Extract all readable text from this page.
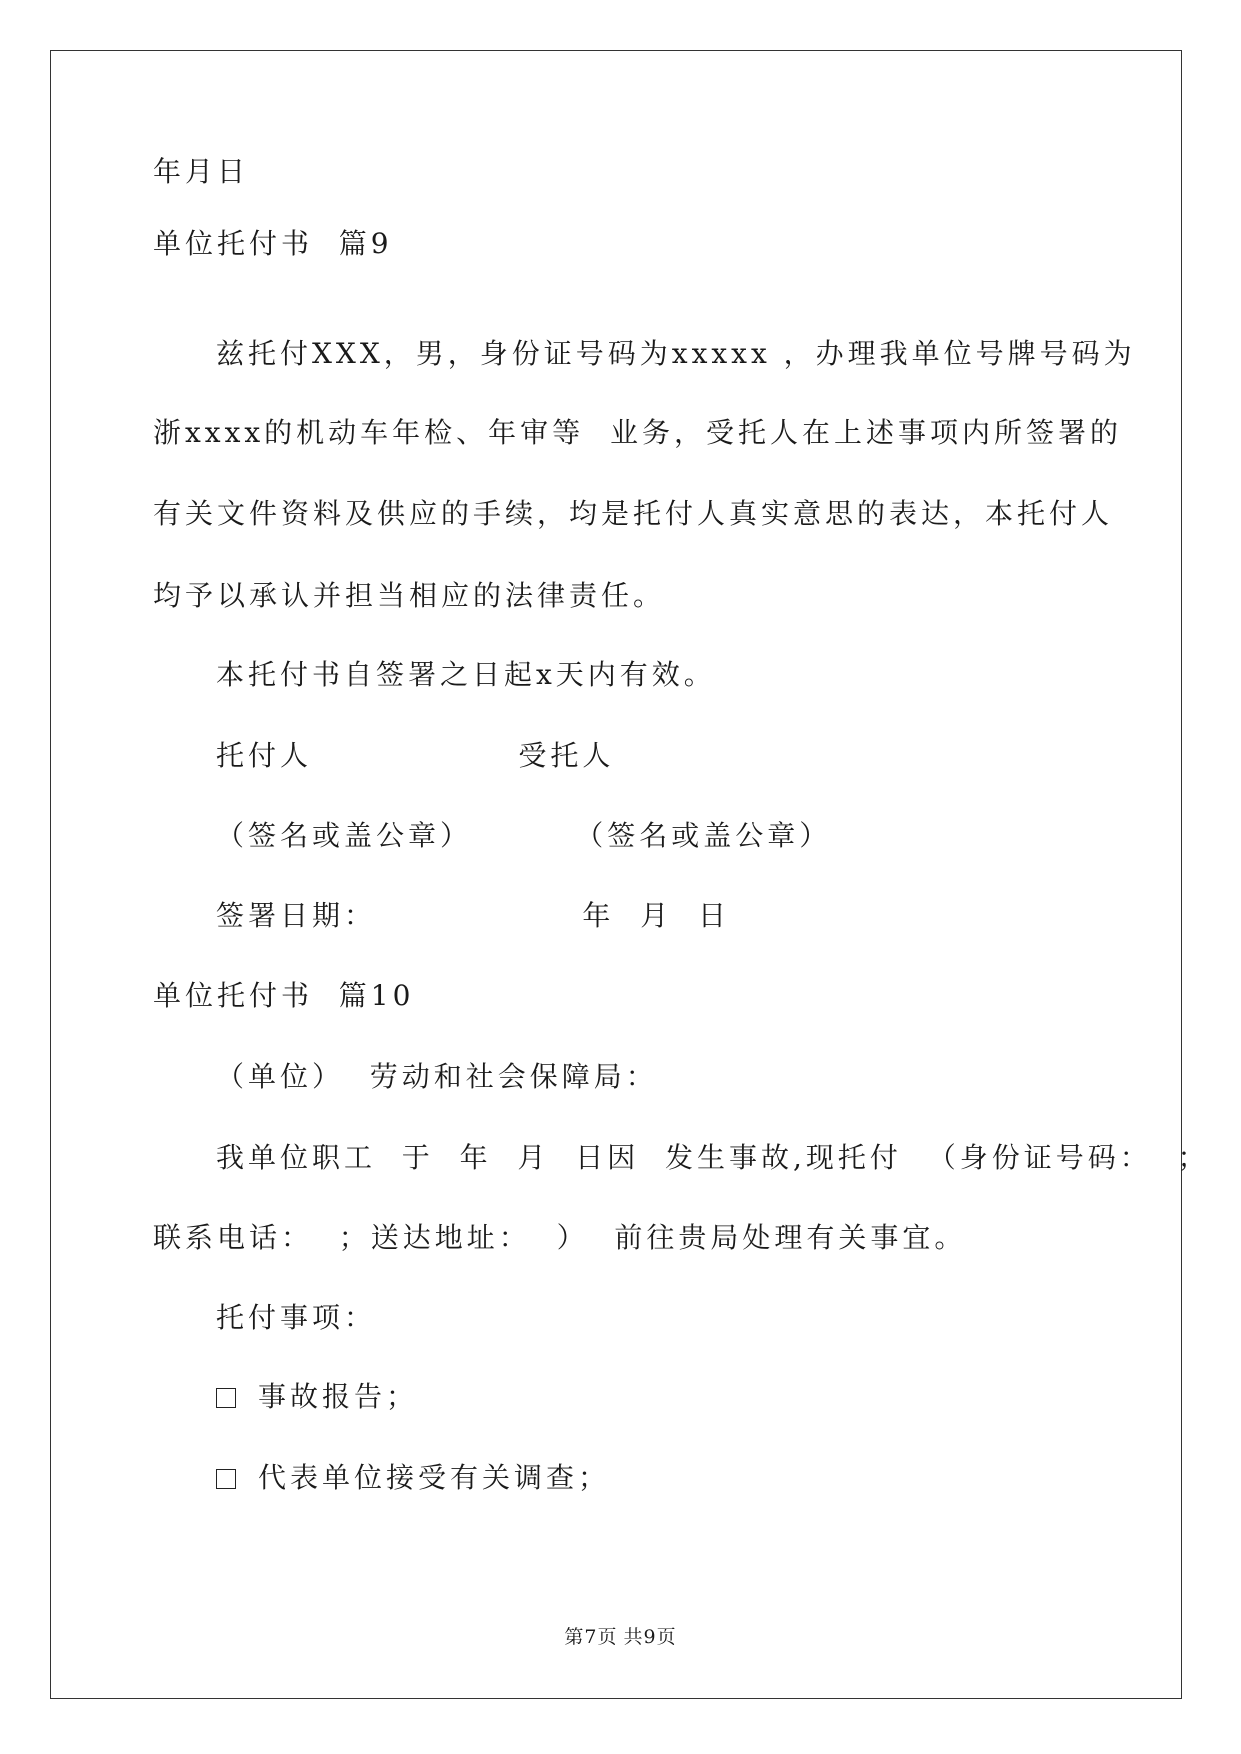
年月日
单位托付书  篇9
兹托付XXX，男，身份证号码为xxxxx ，办理我单位号牌号码为
浙xxxx的机动车年检、年审等  业务，受托人在上述事项内所签署的
有关文件资料及供应的手续，均是托付人真实意思的表达，本托付人
均予以承认并担当相应的法律责任。
本托付书自签署之日起x天内有效。
托付人                受托人
（签名或盖公章）        （签名或盖公章）
签署日期：                年  月  日
单位托付书  篇10
（单位）  劳动和社会保障局：
我单位职工  于  年  月  日因  发生事故,现托付  （身份证号码：  ；
联系电话：  ；送达地址：  ）  前往贵局处理有关事宜。
托付事项：
事故报告；
代表单位接受有关调查；
第7页 共9页
